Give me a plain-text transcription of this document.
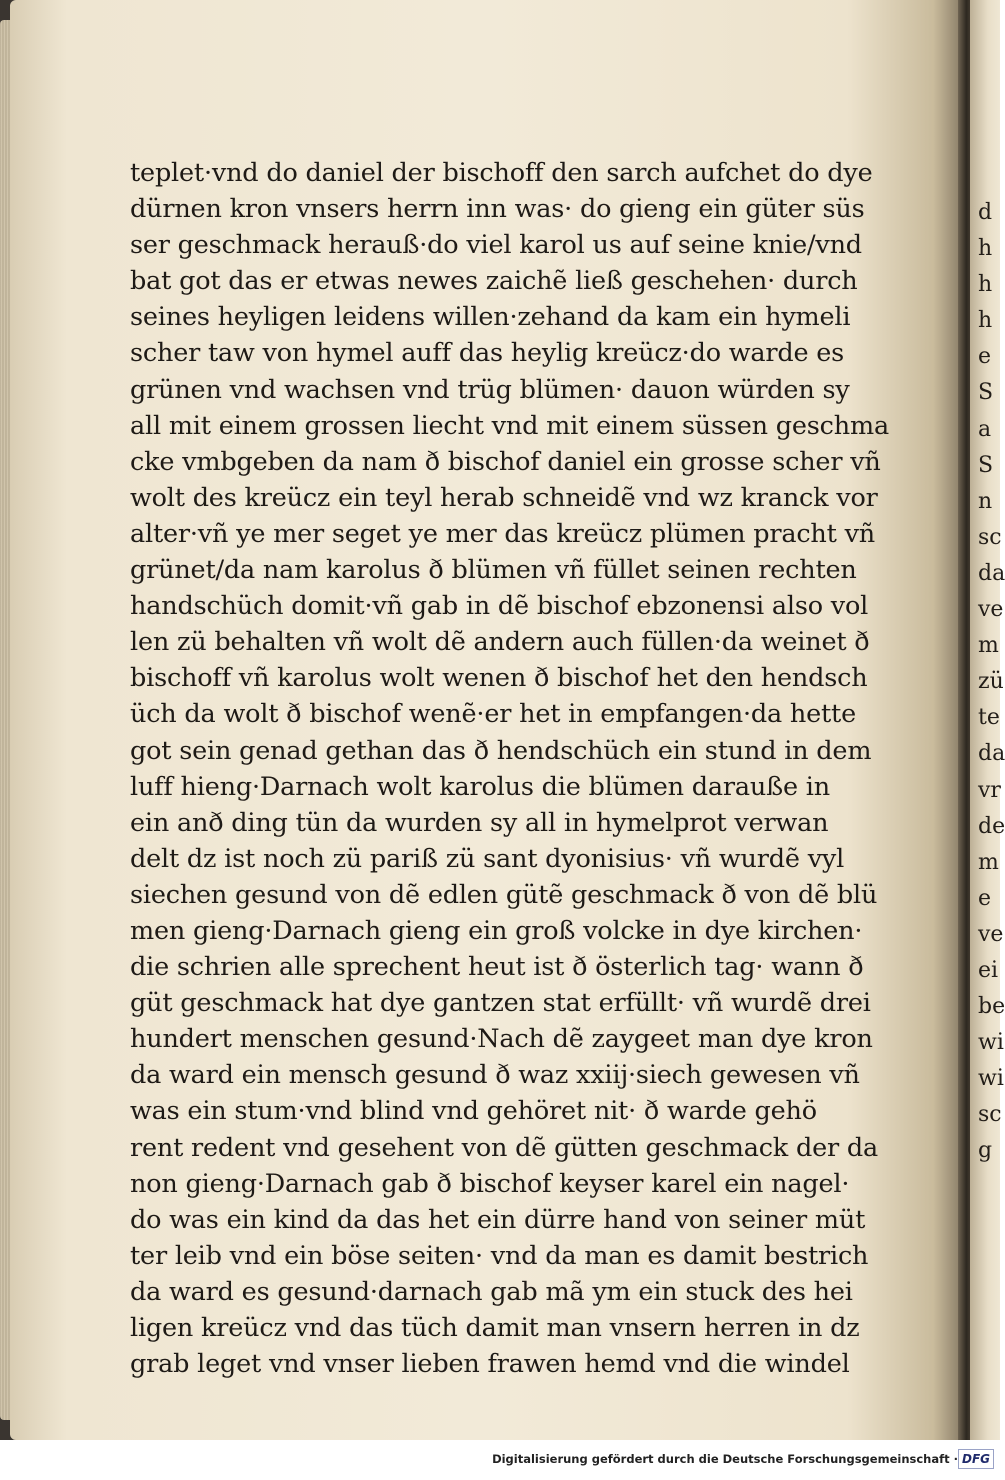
teplet·vnd do daniel der bischoff den sarch aufchet do dye
dürnen kron vnsers herrn inn was· do gieng ein güter süs
ser geschmack herauß·do viel karol us auf seine knie/vnd
bat got das er etwas newes zaichẽ ließ geschehen· durch
seines heyligen leidens willen·zehand da kam ein hymeli
scher taw von hymel auff das heylig kreücz·do warde es
grünen vnd wachsen vnd trüg blümen· dauon würden sy
all mit einem grossen liecht vnd mit einem süssen geschma
cke vmbgeben da nam ð bischof daniel ein grosse scher vñ
wolt des kreücz ein teyl herab schneidẽ vnd wz kranck vor
alter·vñ ye mer seget ye mer das kreücz plümen pracht vñ
grünet/da nam karolus ð blümen vñ füllet seinen rechten
handschüch domit·vñ gab in dẽ bischof ebzonensi also vol
len zü behalten vñ wolt dẽ andern auch füllen·da weinet ð
bischoff vñ karolus wolt wenen ð bischof het den hendsch
üch da wolt ð bischof wenẽ·er het in empfangen·da hette
got sein genad gethan das ð hendschüch ein stund in dem
luff hieng·Darnach wolt karolus die blümen darauße in
ein anð ding tün da wurden sy all in hymelprot verwan
delt dz ist noch zü pariß zü sant dyonisius· vñ wurdẽ vyl
siechen gesund von dẽ edlen gütẽ geschmack ð von dẽ blü
men gieng·Darnach gieng ein groß volcke in dye kirchen·
die schrien alle sprechent heut ist ð österlich tag· wann ð
güt geschmack hat dye gantzen stat erfüllt· vñ wurdẽ drei
hundert menschen gesund·Nach dẽ zaygeet man dye kron
da ward ein mensch gesund ð waz xxiij·siech gewesen vñ
was ein stum·vnd blind vnd gehöret nit· ð warde gehö
rent redent vnd gesehent von dẽ gütten geschmack der da
non gieng·Darnach gab ð bischof keyser karel ein nagel·
do was ein kind da das het ein dürre hand von seiner müt
ter leib vnd ein böse seiten· vnd da man es damit bestrich
da ward es gesund·darnach gab mã ym ein stuck des hei
ligen kreücz vnd das tüch damit man vnsern herren in dz
grab leget vnd vnser lieben frawen hemd vnd die windel
d
h
h
h
e
S
a
S
n
sc
da
ve
m
zü
te
da
vr
de
m
e
ve
ei
be
wi
wi
sc
g
Digitalisierung gefördert durch die Deutsche Forschungsgemeinschaft · DFG
